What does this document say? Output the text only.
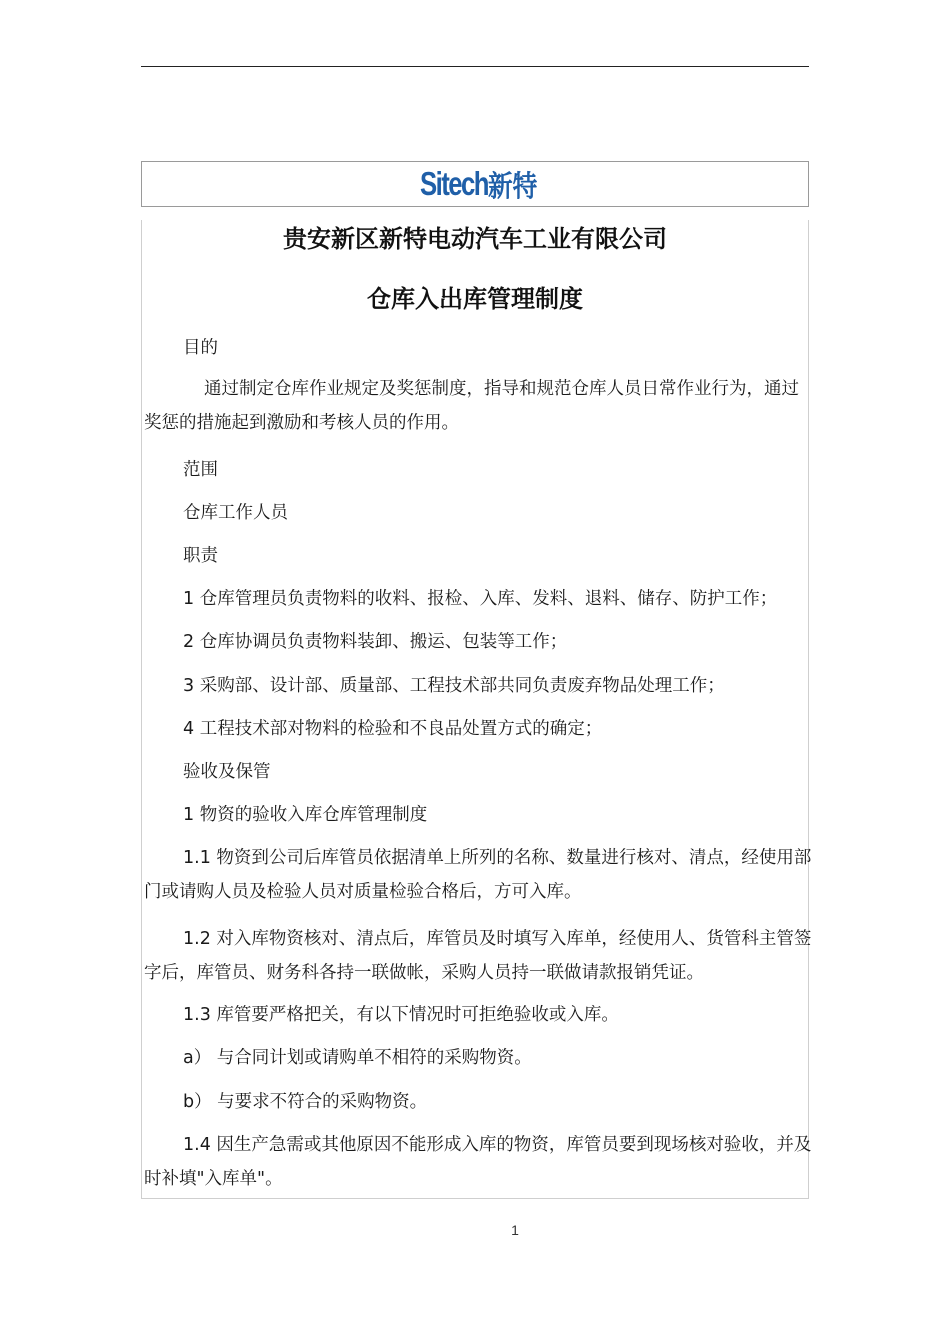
Sitech 新特
贵安新区新特电动汽车工业有限公司
仓库入出库管理制度
目的
通过制定仓库作业规定及奖惩制度，指导和规范仓库人员日常作业行为，通过奖惩的措施起到激励和考核人员的作用。
范围
仓库工作人员
职责
1 仓库管理员负责物料的收料、报检、入库、发料、退料、储存、防护工作；
2 仓库协调员负责物料装卸、搬运、包装等工作；
3 采购部、设计部、质量部、工程技术部共同负责废弃物品处理工作；
4 工程技术部对物料的检验和不良品处置方式的确定；
验收及保管
1 物资的验收入库仓库管理制度
1.1 物资到公司后库管员依据清单上所列的名称、数量进行核对、清点，经使用部门或请购人员及检验人员对质量检验合格后，方可入库。
1.2 对入库物资核对、清点后，库管员及时填写入库单，经使用人、货管科主管签字后，库管员、财务科各持一联做帐，采购人员持一联做请款报销凭证。
1.3 库管要严格把关，有以下情况时可拒绝验收或入库。
a） 与合同计划或请购单不相符的采购物资。
b） 与要求不符合的采购物资。
1.4 因生产急需或其他原因不能形成入库的物资，库管员要到现场核对验收，并及时补填"入库单"。
1
